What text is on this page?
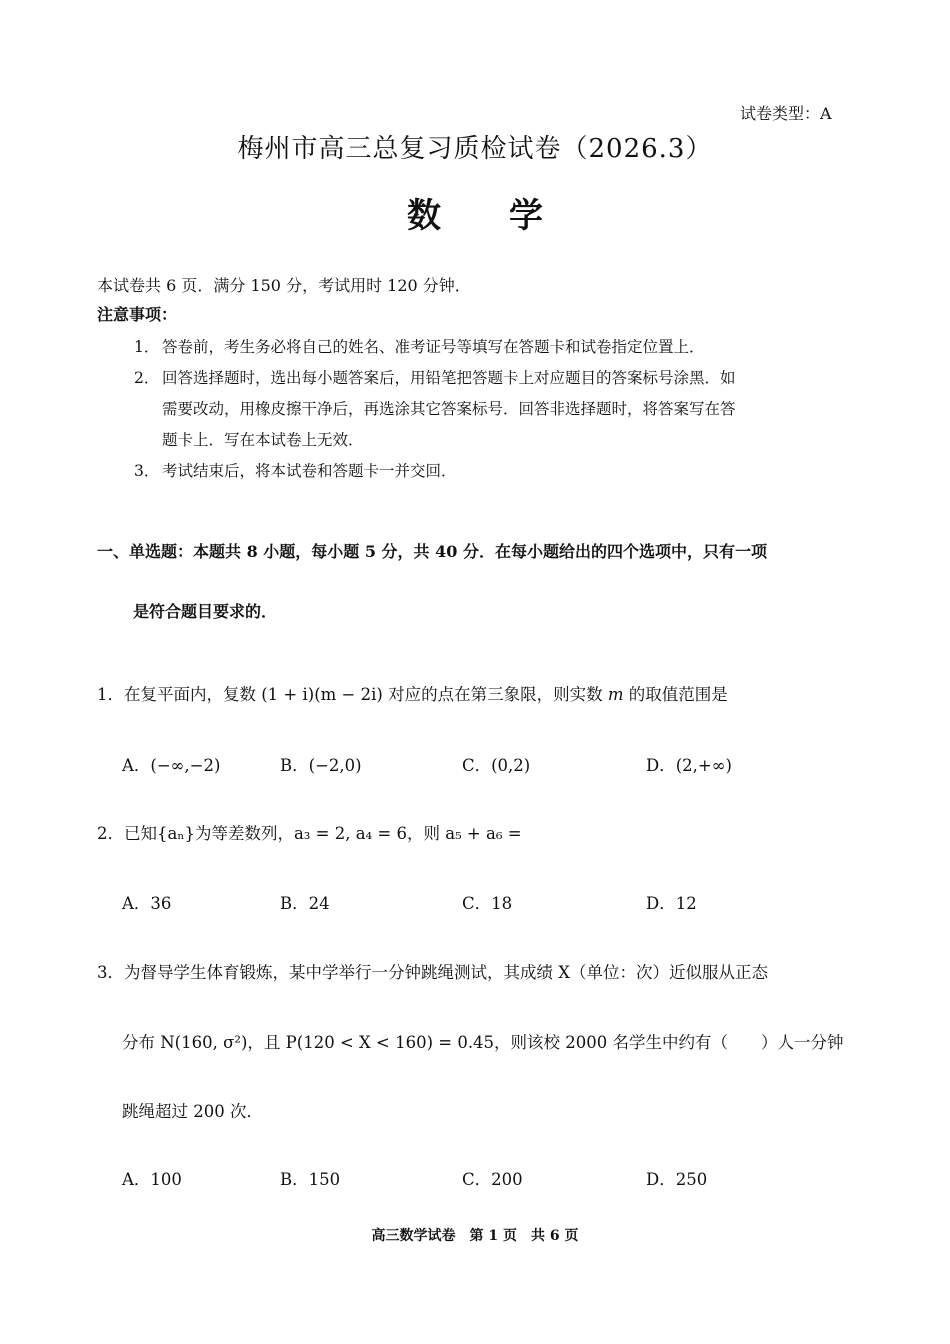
试卷类型：A
梅州市高三总复习质检试卷（2026.3）
数　　学
本试卷共 6 页．满分 150 分，考试用时 120 分钟．
注意事项：
1． 答卷前，考生务必将自己的姓名、准考证号等填写在答题卡和试卷指定位置上．
2． 回答选择题时，选出每小题答案后，用铅笔把答题卡上对应题目的答案标号涂黑．如
需要改动，用橡皮擦干净后，再选涂其它答案标号．回答非选择题时，将答案写在答
题卡上．写在本试卷上无效．
3． 考试结束后，将本试卷和答题卡一并交回．
一、单选题：本题共 8 小题，每小题 5 分，共 40 分．在每小题给出的四个选项中，只有一项
是符合题目要求的．
1．在复平面内，复数 (1 + i)(m − 2i) 对应的点在第三象限，则实数 m 的取值范围是
A．(−∞,−2)	B．(−2,0)	C．(0,2)	D．(2,+∞)
2．已知{aₙ}为等差数列，a₃ = 2, a₄ = 6，则 a₅ + a₆ =
A．36	B．24	C．18	D．12
3．为督导学生体育锻炼，某中学举行一分钟跳绳测试，其成绩 X（单位：次）近似服从正态
分布 N(160, σ²)，且 P(120 < X < 160) = 0.45，则该校 2000 名学生中约有（　　）人一分钟
跳绳超过 200 次．
A．100	B．150	C．200	D．250
高三数学试卷　第 1 页　共 6 页
